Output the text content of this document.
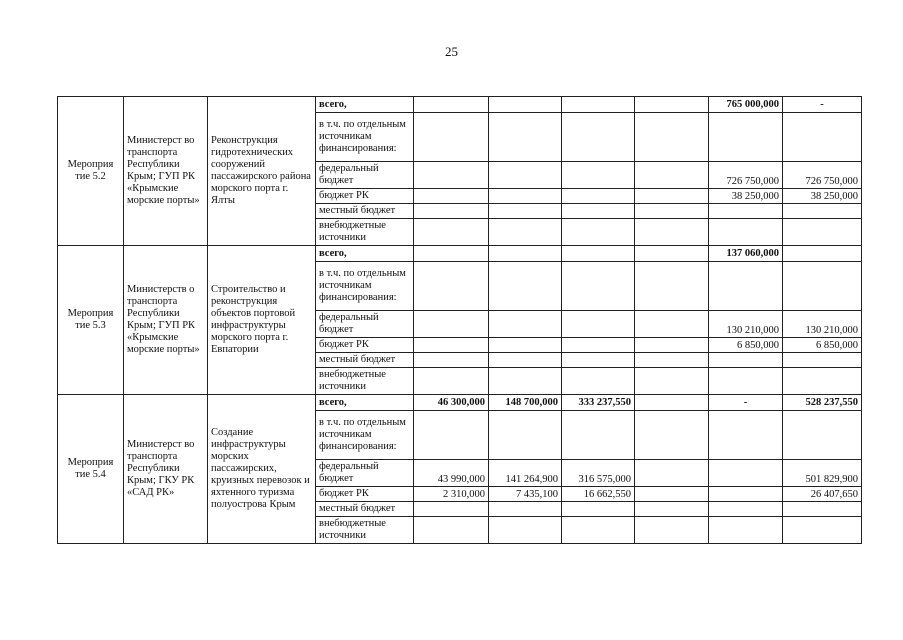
25
Мероприя тие 5.2	Министерст во транспорта Республики Крым; ГУП РК «Крымские морские порты»	Реконструкция гидротехнических сооружений пассажирского района морского порта г. Ялты	всего,					765 000,000	-
			в т.ч. по отдельным источникам финансирования:						
			федеральный бюджет					726 750,000	726 750,000
			бюджет РК					38 250,000	38 250,000
			местный бюджет						
			внебюджетные источники						
Мероприя тие 5.3	Министерств о транспорта Республики Крым; ГУП РК «Крымские морские порты»	Строительство и реконструкция объектов портовой инфраструктуры морского порта г. Евпатории	всего,					137 060,000	
			в т.ч. по отдельным источникам финансирования:						
			федеральный бюджет					130 210,000	130 210,000
			бюджет РК					6 850,000	6 850,000
			местный бюджет						
			внебюджетные источники						
Мероприя тие 5.4	Министерст во транспорта Республики Крым; ГКУ РК «САД РК»	Создание инфраструктуры морских пассажирских, круизных перевозок и яхтенного туризма полуострова Крым	всего,	46 300,000	148 700,000	333 237,550		-	528 237,550
			в т.ч. по отдельным источникам финансирования:						
			федеральный бюджет	43 990,000	141 264,900	316 575,000			501 829,900
			бюджет РК	2 310,000	7 435,100	16 662,550			26 407,650
			местный бюджет						
			внебюджетные источники						
